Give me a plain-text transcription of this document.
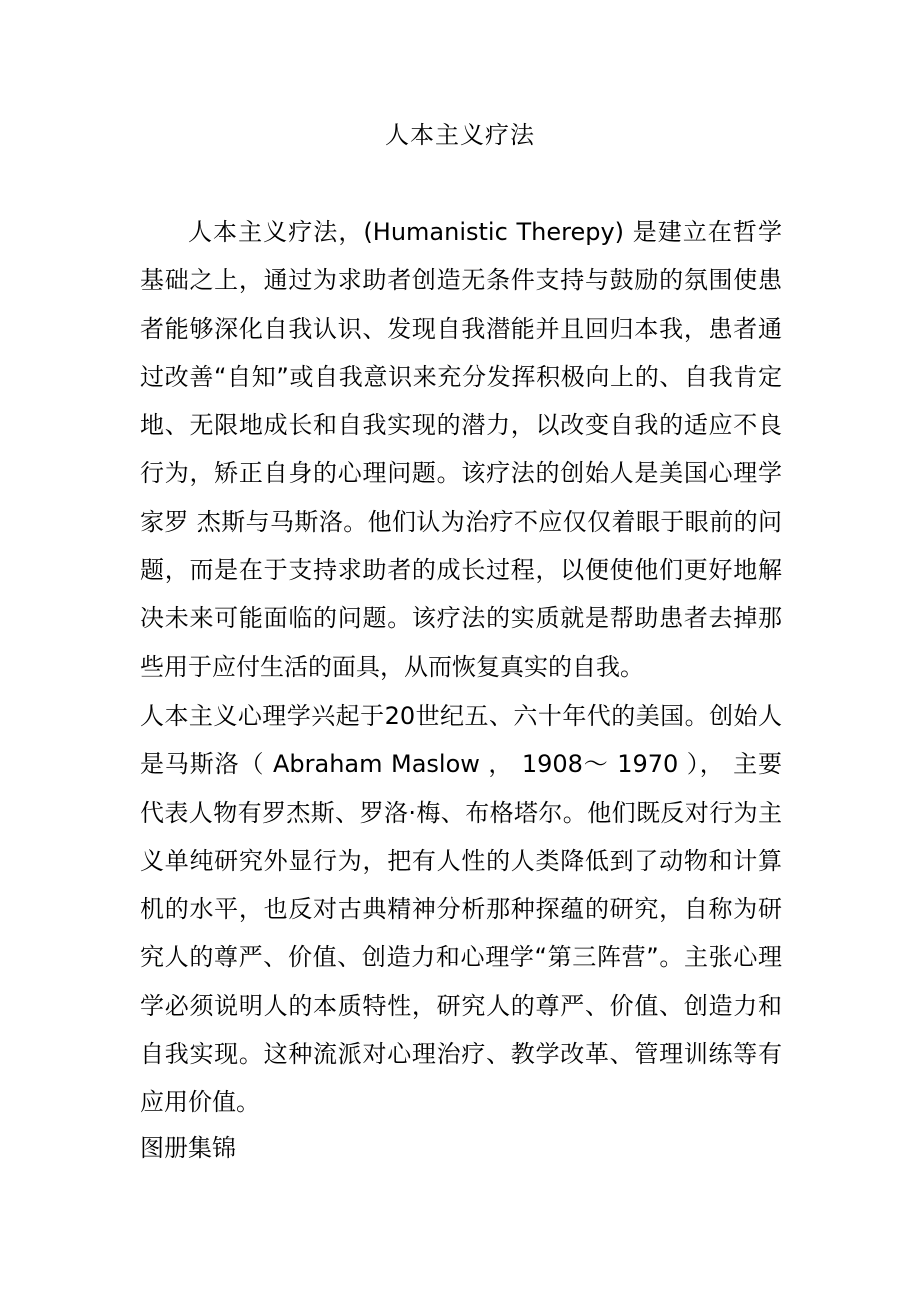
人本主义疗法

人本主义疗法，(Humanistic Therepy) 是建立在哲学基础之上，通过为求助者创造无条件支持与鼓励的氛围使患者能够深化自我认识、发现自我潜能并且回归本我，患者通过改善“自知”或自我意识来充分发挥积极向上的、自我肯定地、无限地成长和自我实现的潜力，以改变自我的适应不良行为，矫正自身的心理问题。该疗法的创始人是美国心理学家罗 杰斯与马斯洛。他们认为治疗不应仅仅着眼于眼前的问题，而是在于支持求助者的成长过程，以便使他们更好地解决未来可能面临的问题。该疗法的实质就是帮助患者去掉那些用于应付生活的面具，从而恢复真实的自我。

人本主义心理学兴起于20世纪五、六十年代的美国。创始人是马斯洛（ Abraham Maslow ， 1908～ 1970 ）， 主要代表人物有罗杰斯、罗洛·梅、布格塔尔。他们既反对行为主义单纯研究外显行为，把有人性的人类降低到了动物和计算机的水平，也反对古典精神分析那种探蕴的研究，自称为研究人的尊严、价值、创造力和心理学“第三阵营”。主张心理学必须说明人的本质特性，研究人的尊严、价值、创造力和自我实现。这种流派对心理治疗、教学改革、管理训练等有应用价值。

图册集锦
